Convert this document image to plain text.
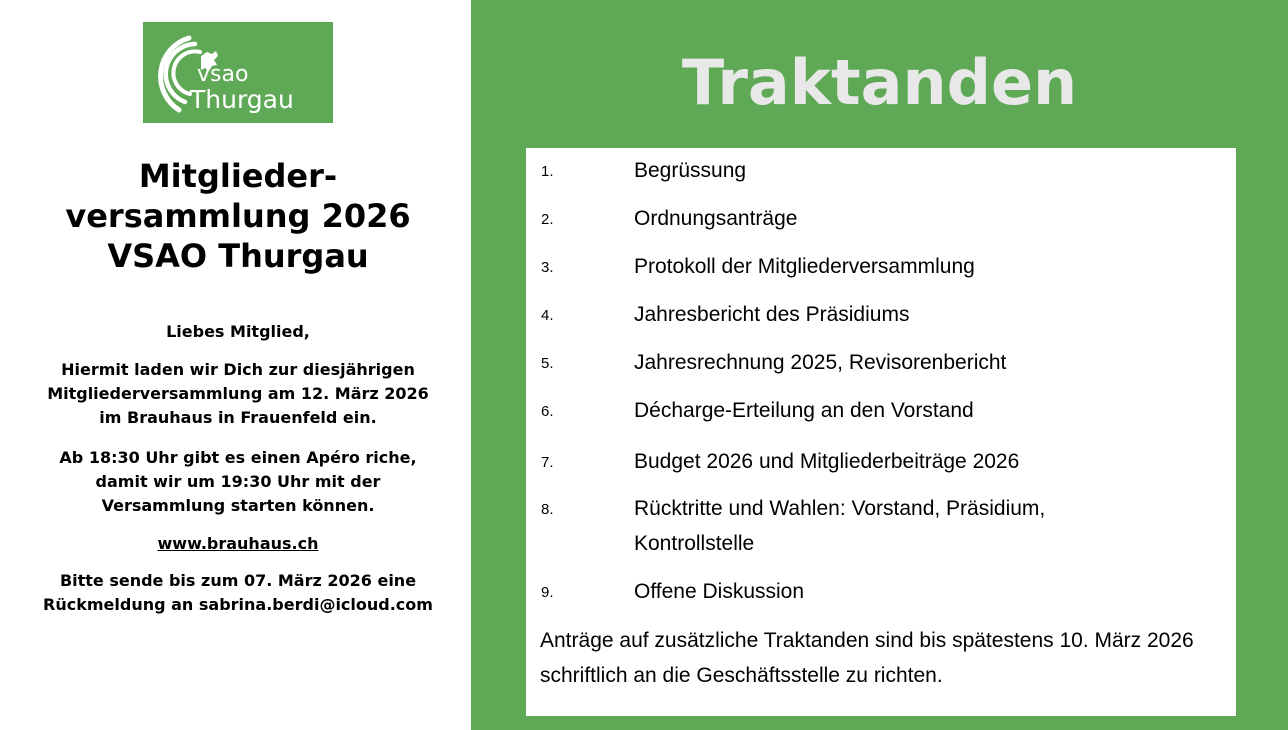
vsao
Thurgau
Mitglieder-versammlung 2026 VSAO Thurgau

Liebes Mitglied,

Hiermit laden wir Dich zur diesjährigen Mitgliederversammlung am 12. März 2026 im Brauhaus in Frauenfeld ein.

Ab 18:30 Uhr gibt es einen Apéro riche, damit wir um 19:30 Uhr mit der Versammlung starten können.

www.brauhaus.ch

Bitte sende bis zum 07. März 2026 eine Rückmeldung an sabrina.berdi@icloud.com

Traktanden
1.	Begrüssung
2.	Ordnungsanträge
3.	Protokoll der Mitgliederversammlung
4.	Jahresbericht des Präsidiums
5.	Jahresrechnung 2025, Revisorenbericht
6.	Décharge-Erteilung an den Vorstand
7.	Budget 2026 und Mitgliederbeiträge 2026
8.	Rücktritte und Wahlen: Vorstand, Präsidium, Kontrollstelle
9.	Offene Diskussion

Anträge auf zusätzliche Traktanden sind bis spätestens 10. März 2026 schriftlich an die Geschäftsstelle zu richten.
